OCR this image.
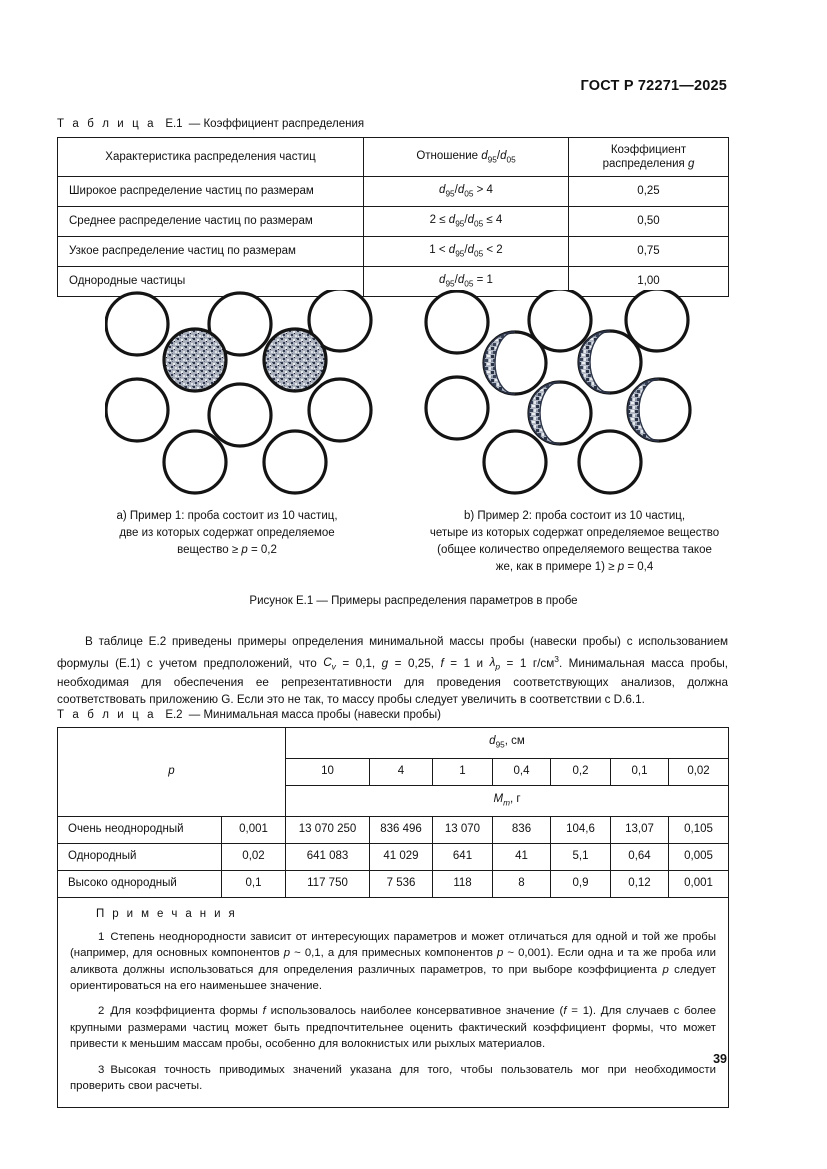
ГОСТ Р 72271—2025
Т а б л и ц а E.1 — Коэффициент распределения
Характеристика распределения частиц	Отношение $d_{95}/d_{05}$	Коэффициент
распределения g
Широкое распределение частиц по размерам	$d_{95}/d_{05} > 4$	0,25
Среднее распределение частиц по размерам	$2 \le d_{95}/d_{05} \le 4$	0,50
Узкое распределение частиц по размерам	$1 < d_{95}/d_{05} < 2$	0,75
Однородные частицы	$d_{95}/d_{05} = 1$	1,00
a) Пример 1: проба состоит из 10 частиц,
две из которых содержат определяемое
вещество ≥ p = 0,2
b) Пример 2: проба состоит из 10 частиц,
четыре из которых содержат определяемое вещество
(общее количество определяемого вещества такое
же, как в примере 1) ≥ p = 0,4
Рисунок E.1 — Примеры распределения параметров в пробе
В таблице E.2 приведены примеры определения минимальной массы пробы (навески пробы) с использованием формулы (E.1) с учетом предположений, что $C_v = 0,1$, g = 0,25, f = 1 и $\lambda_p = 1$ $г/см^3$. Минимальная масса пробы, необходимая для обеспечения ее репрезентативности для проведения соответствующих анализов, должна соответствовать приложению G. Если это не так, то массу пробы следует увеличить в соответствии с D.6.1.
Т а б л и ц а E.2 — Минимальная масса пробы (навески пробы)
p		$d_{95}$, см						
		10	4	1	0,4	0,2	0,1	0,02
		$M_m$, г						
Очень неоднородный	0,001	13 070 250	836 496	13 070	836	104,6	13,07	0,105
Однородный	0,02	641 083	41 029	641	41	5,1	0,64	0,005
Высоко однородный	0,1	117 750	7 536	118	8	0,9	0,12	0,001

П р и м е ч а н и я

1 Степень неоднородности зависит от интересующих параметров и может отличаться для одной и той же пробы (например, для основных компонентов p ~ 0,1, а для примесных компонентов p ~ 0,001). Если одна и та же проба или аликвота должны использоваться для определения различных параметров, то при выборе коэффициента p следует ориентироваться на его наименьшее значение.

2 Для коэффициента формы f использовалось наиболее консервативное значение (f = 1). Для случаев с более крупными размерами частиц может быть предпочтительнее оценить фактический коэффициент формы, что может привести к меньшим массам пробы, особенно для волокнистых или рыхлых материалов.

3 Высокая точность приводимых значений указана для того, чтобы пользователь мог при необходимости проверить свои расчеты.								

39
